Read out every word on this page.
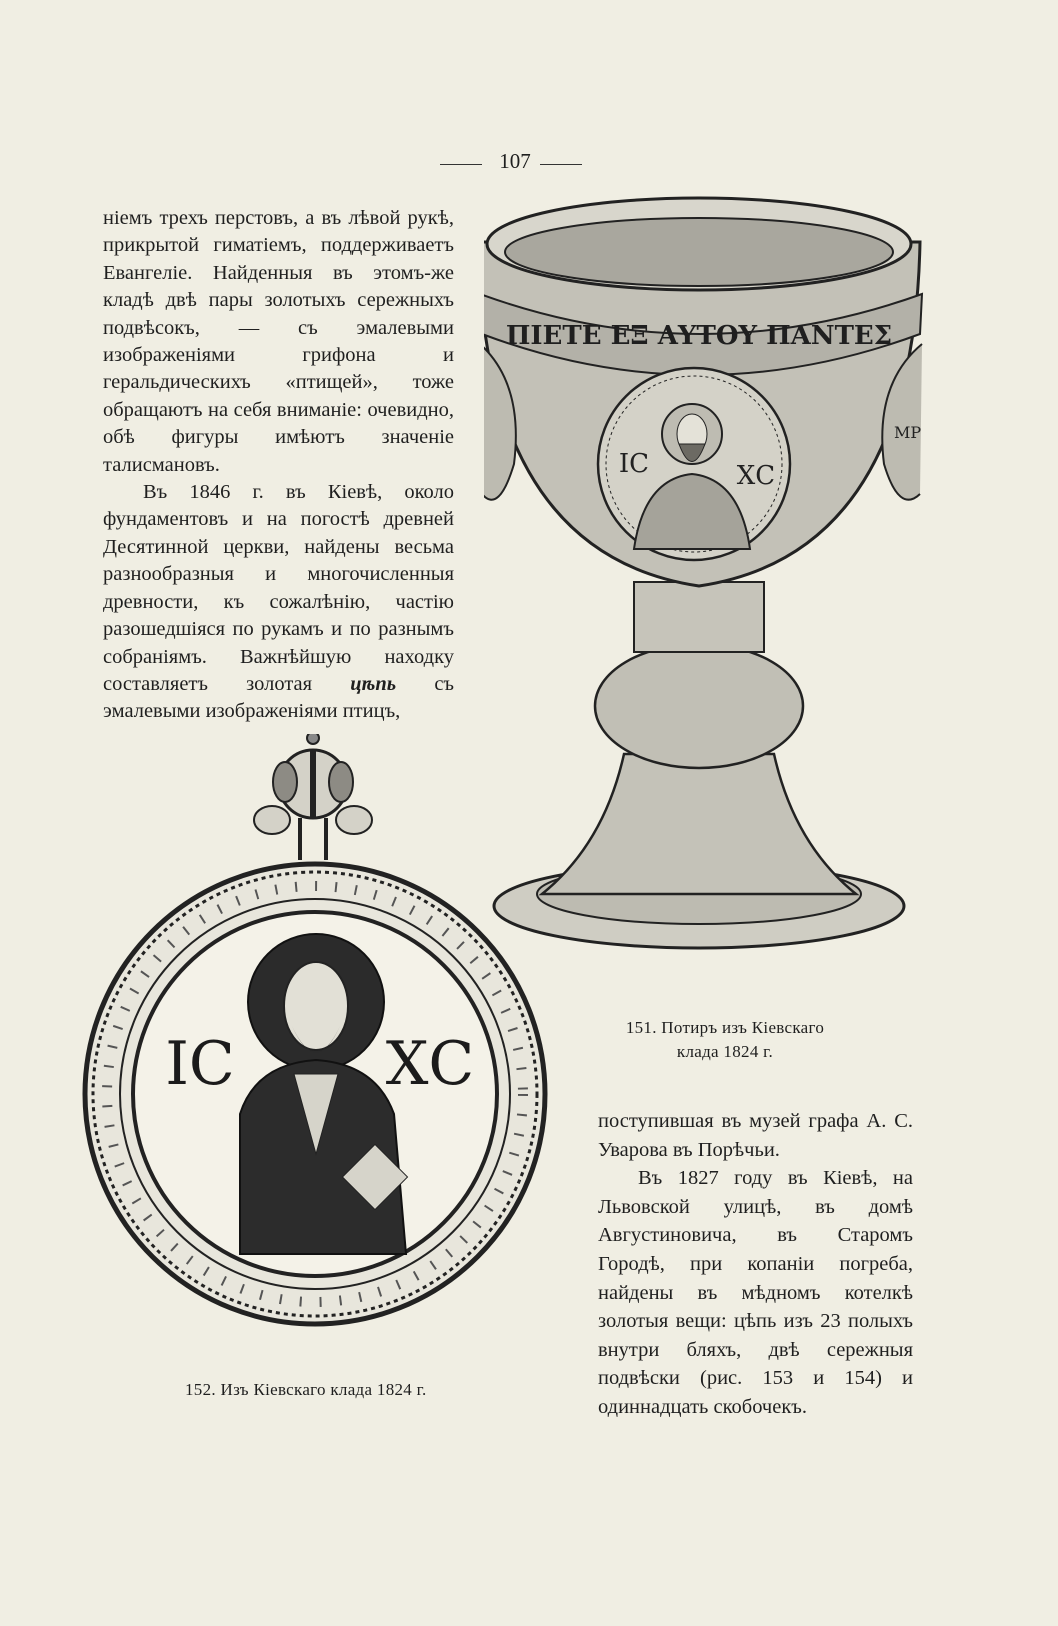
107

ніемъ трехъ перстовъ, а въ лѣвой рукѣ, прикрытой гиматіемъ, поддерживаетъ Евангеліе. Найденныя въ этомъ-же кладѣ двѣ пары золотыхъ сережныхъ подвѣсокъ, — съ эмалевыми изображеніями грифона и геральдическихъ «птищей», тоже обращаютъ на себя вниманіе: очевидно, обѣ фигуры имѣютъ значеніе талисмановъ.

Въ 1846 г. въ Кіевѣ, около фундаментовъ и на погостѣ древней Десятинной церкви, найдены весьма разнообразныя и многочисленныя древности, къ сожалѣнію, частію разошедшіяся по рукамъ и по разнымъ собраніямъ. Важнѣйшую находку составляетъ золотая цѣпь съ эмалевыми изображеніями птицъ,

ΠΙΕΤΕ ΕΞ ΑΥΤΟΥ ΠΑΝΤΕΣ
ІС	ХС
МР
151. Потиръ изъ Кіевскаго
клада 1824 г.
ІС	ХС
152. Изъ Кіевскаго клада 1824 г.

поступившая въ музей графа А. С. Уварова въ Порѣчьи.

Въ 1827 году въ Кіевѣ, на Львовской улицѣ, въ домѣ Августиновича, въ Старомъ Городѣ, при копаніи погреба, найдены въ мѣдномъ котелкѣ золотыя вещи: цѣпь изъ 23 полыхъ внутри бляхъ, двѣ сережныя подвѣски (рис. 153 и 154) и одиннадцать скобочекъ.
